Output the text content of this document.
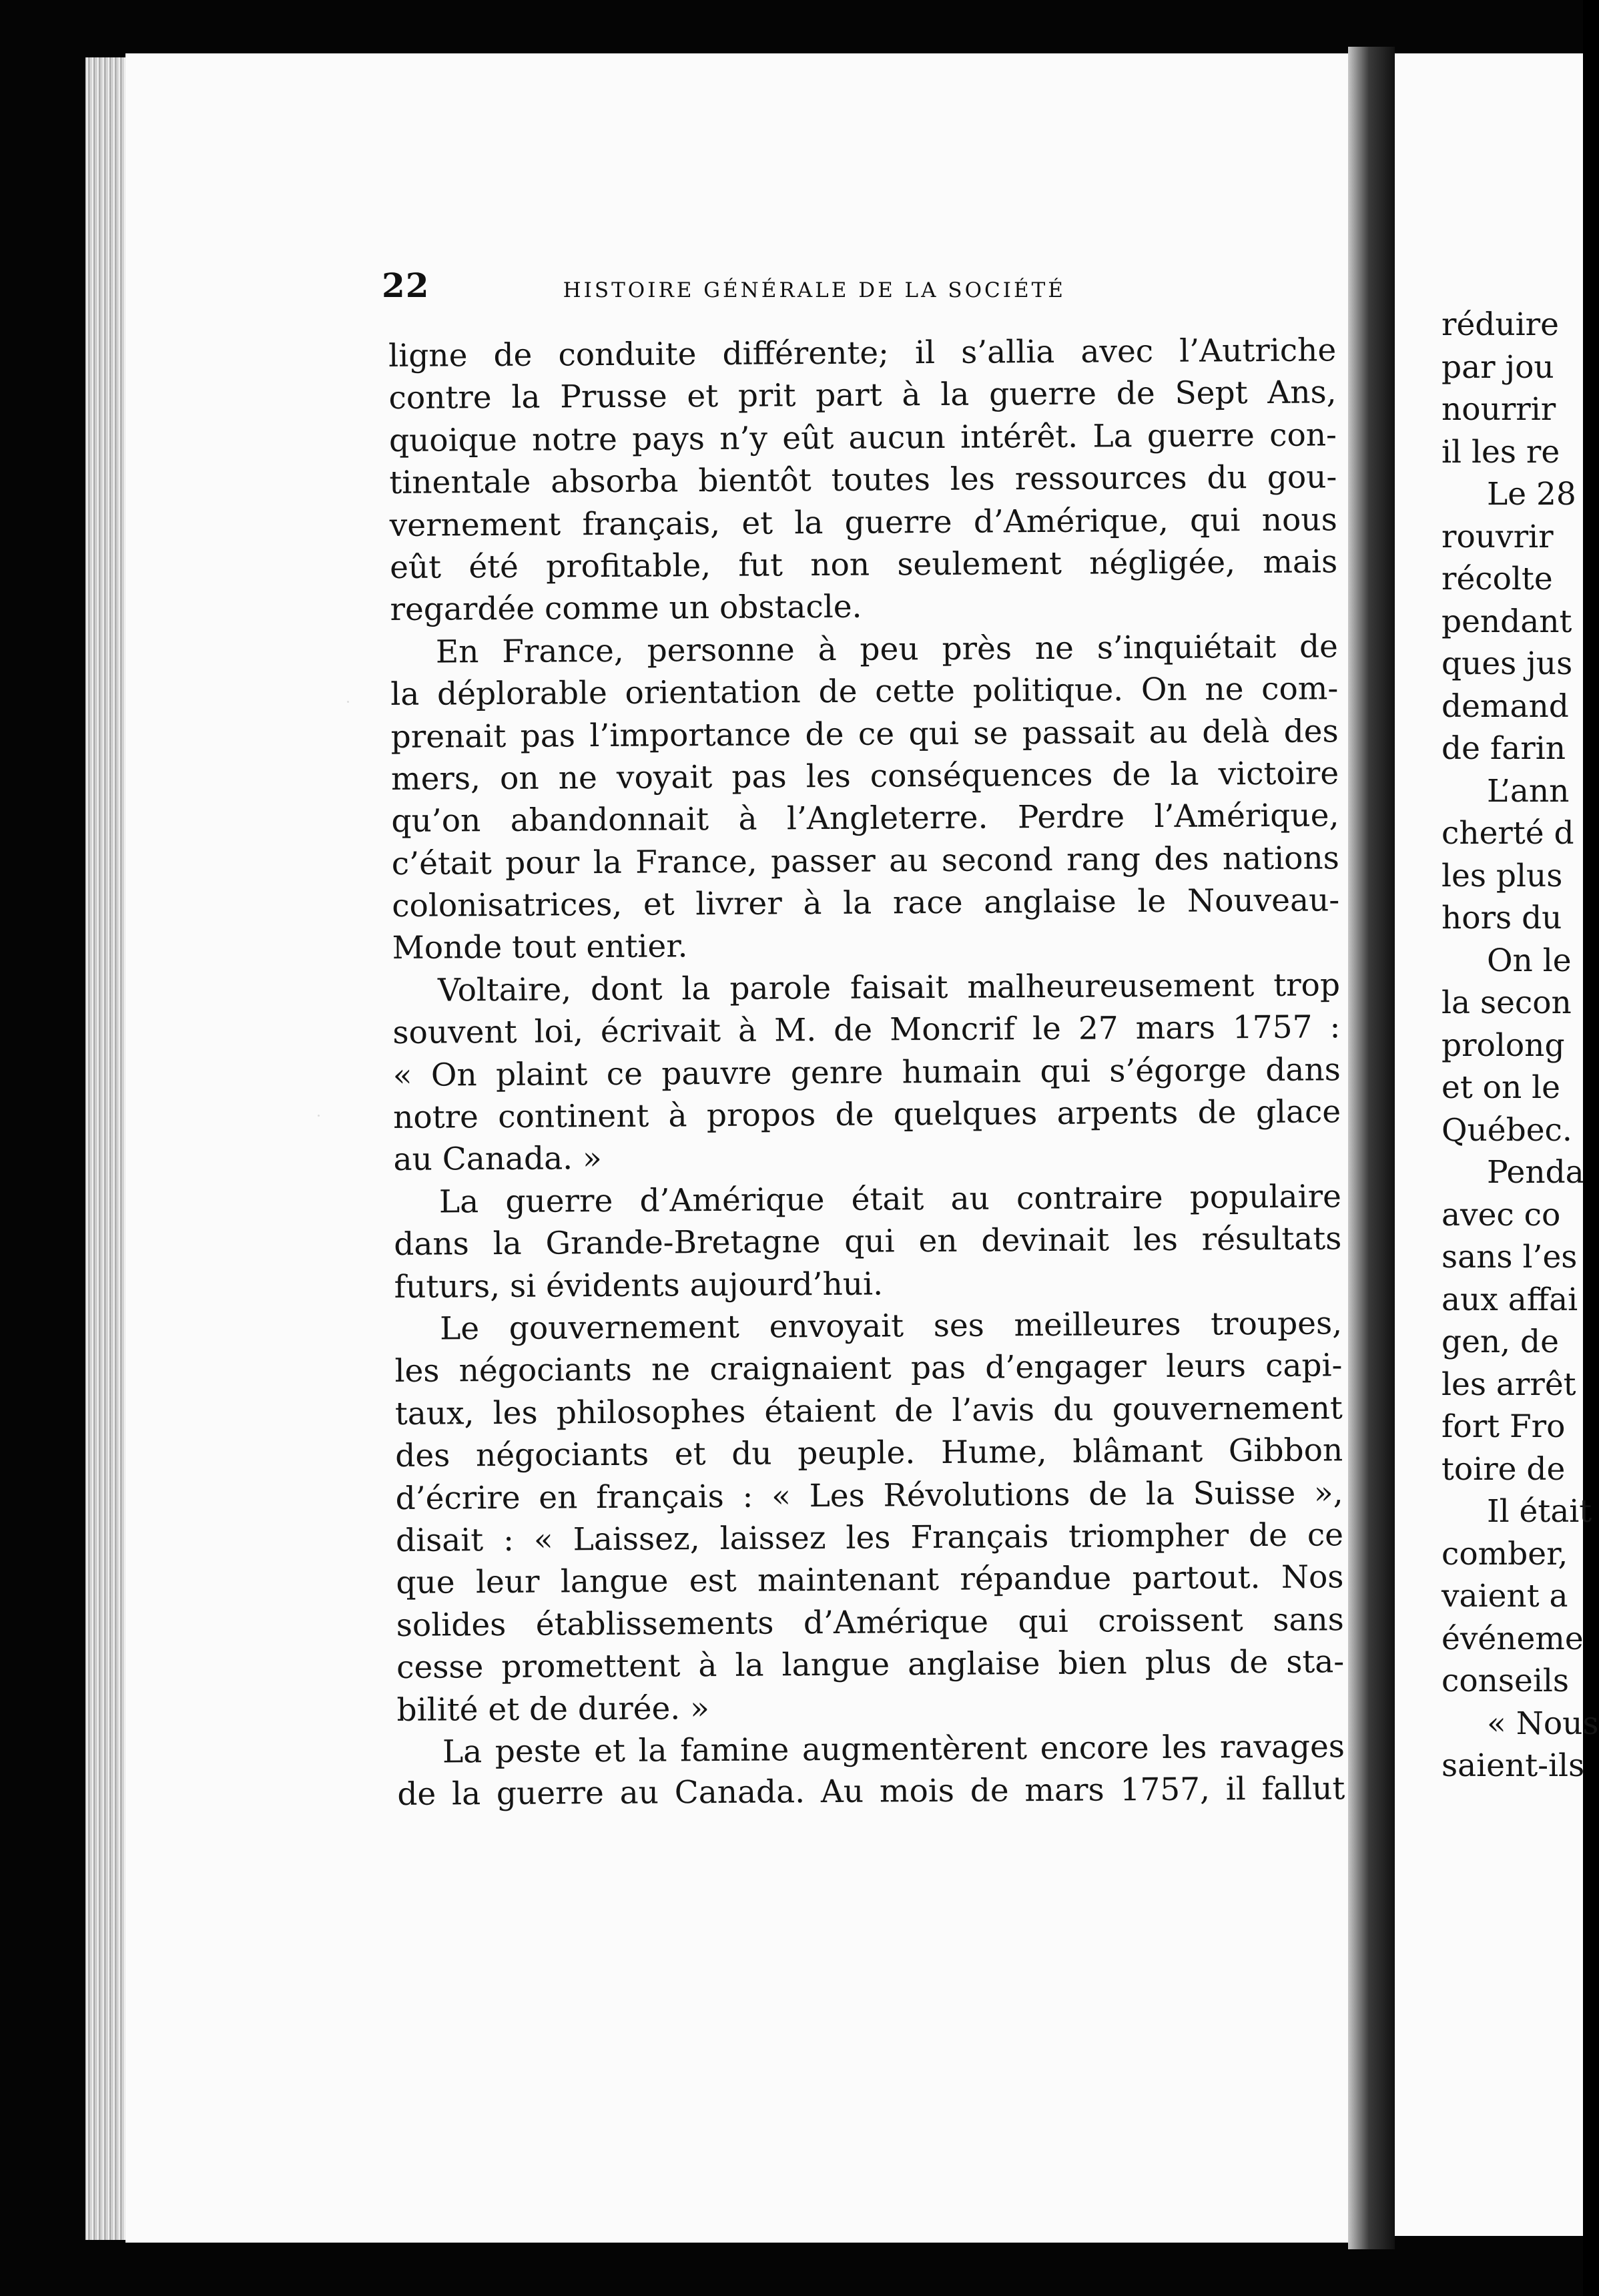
22	HISTOIRE GÉNÉRALE DE LA SOCIÉTÉ
ligne de conduite différente; il s’allia avec l’Autriche
contre la Prusse et prit part à la guerre de Sept Ans,
quoique notre pays n’y eût aucun intérêt. La guerre con-
tinentale absorba bientôt toutes les ressources du gou-
vernement français, et la guerre d’Amérique, qui nous
eût été profitable, fut non seulement négligée, mais
regardée comme un obstacle.
En France, personne à peu près ne s’inquiétait de
la déplorable orientation de cette politique. On ne com-
prenait pas l’importance de ce qui se passait au delà des
mers, on ne voyait pas les conséquences de la victoire
qu’on abandonnait à l’Angleterre. Perdre l’Amérique,
c’était pour la France, passer au second rang des nations
colonisatrices, et livrer à la race anglaise le Nouveau-
Monde tout entier.
Voltaire, dont la parole faisait malheureusement trop
souvent loi, écrivait à M. de Moncrif le 27 mars 1757 :
« On plaint ce pauvre genre humain qui s’égorge dans
notre continent à propos de quelques arpents de glace
au Canada. »
La guerre d’Amérique était au contraire populaire
dans la Grande-Bretagne qui en devinait les résultats
futurs, si évidents aujourd’hui.
Le gouvernement envoyait ses meilleures troupes,
les négociants ne craignaient pas d’engager leurs capi-
taux, les philosophes étaient de l’avis du gouvernement
des négociants et du peuple. Hume, blâmant Gibbon
d’écrire en français : « Les Révolutions de la Suisse »,
disait : « Laissez, laissez les Français triompher de ce
que leur langue est maintenant répandue partout. Nos
solides établissements d’Amérique qui croissent sans
cesse promettent à la langue anglaise bien plus de sta-
bilité et de durée. »
La peste et la famine augmentèrent encore les ravages
de la guerre au Canada. Au mois de mars 1757, il fallut
réduire
par jou
nourrir
il les re
Le 28
rouvrir
récolte
pendant
ques jus
demand
de farin
L’ann
cherté d
les plus
hors du
On le
la secon
prolong
et on le
Québec.
Penda
avec co
sans l’es
aux affai
gen, de
les arrêt
fort Fro
toire de
Il était
comber,
vaient a
événeme
conseils
« Nous
saient-ils
